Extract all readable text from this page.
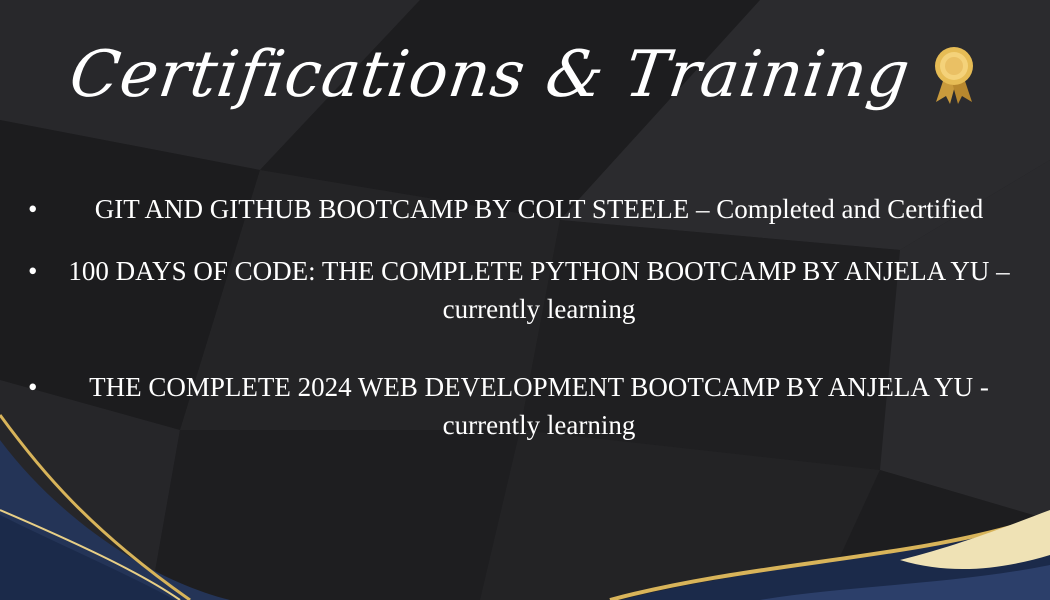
Certifications & Training
• GIT AND GITHUB BOOTCAMP BY COLT STEELE – Completed and Certified
• 100 DAYS OF CODE: THE COMPLETE PYTHON BOOTCAMP BY ANJELA YU – currently learning
• THE COMPLETE 2024 WEB DEVELOPMENT BOOTCAMP BY ANJELA YU - currently learning
